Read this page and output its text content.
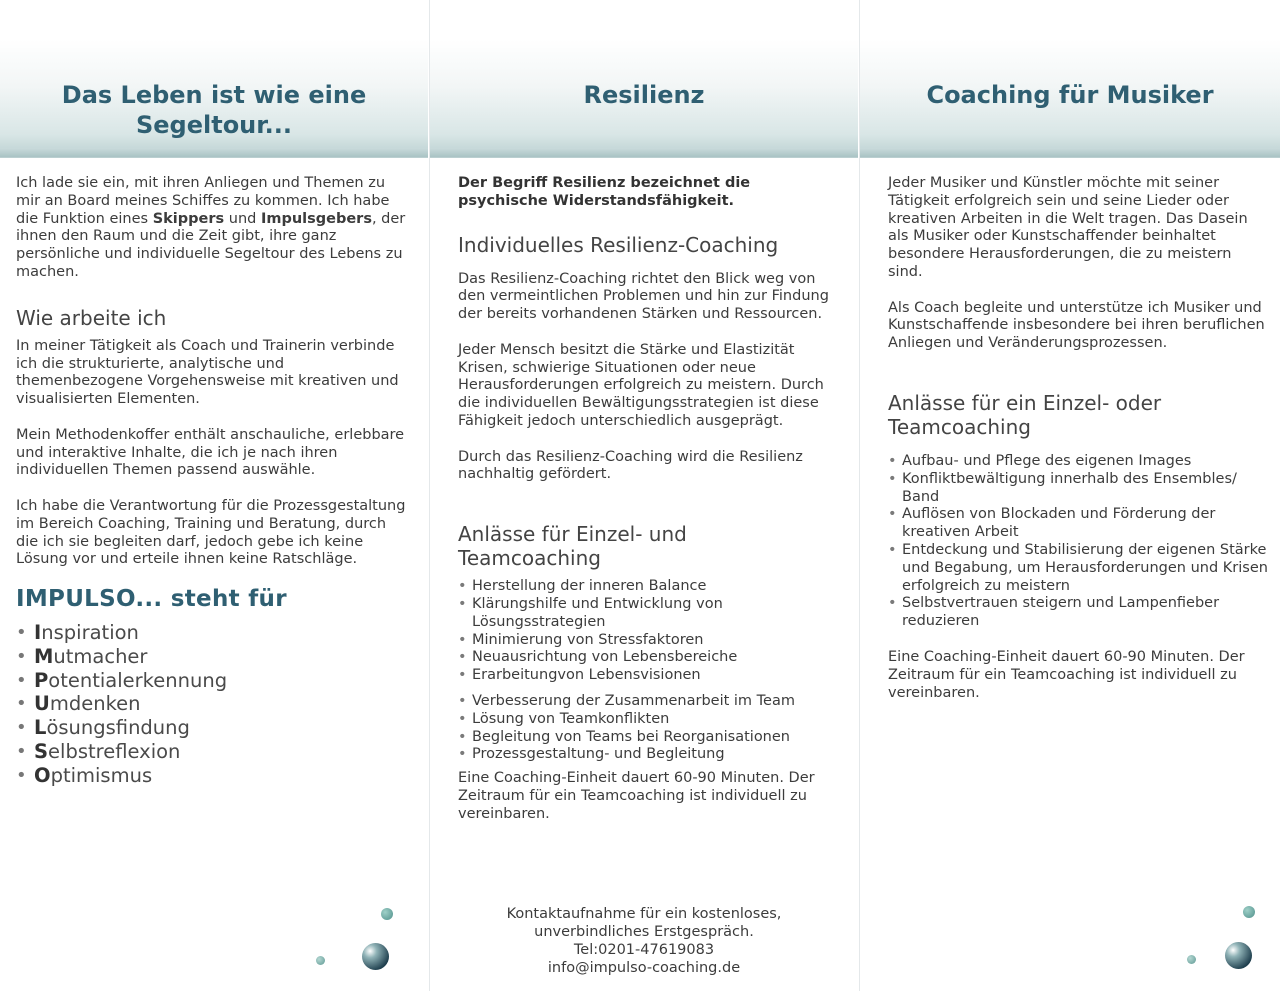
Das Leben ist wie eine
Segeltour...

Ich lade sie ein, mit ihren Anliegen und Themen zu mir an Board meines Schiffes zu kommen. Ich habe die Funktion eines Skippers und Impulsgebers, der ihnen den Raum und die Zeit gibt, ihre ganz persönliche und individuelle Segeltour des Lebens zu machen.

Wie arbeite ich

In meiner Tätigkeit als Coach und Trainerin verbinde ich die strukturierte, analytische und themenbezogene Vorgehensweise mit kreativen und visualisierten Elementen.

Mein Methodenkoffer enthält anschauliche, erlebbare und interaktive Inhalte, die ich je nach ihren individuellen Themen passend auswähle.

Ich habe die Verantwortung für die Prozessgestaltung im Bereich Coaching, Training und Beratung, durch die ich sie begleiten darf, jedoch gebe ich keine Lösung vor und erteile ihnen keine Ratschläge.

IMPULSO... steht für
• Inspiration
• Mutmacher
• Potentialerkennung
• Umdenken
• Lösungsfindung
• Selbstreflexion
• Optimismus
Resilienz

Der Begriff Resilienz bezeichnet die psychische Widerstandsfähigkeit.

Individuelles Resilienz-Coaching

Das Resilienz-Coaching richtet den Blick weg von den vermeintlichen Problemen und hin zur Findung der bereits vorhandenen Stärken und Ressourcen.

Jeder Mensch besitzt die Stärke und Elastizität Krisen, schwierige Situationen oder neue Herausforderungen erfolgreich zu meistern. Durch die individuellen Bewältigungsstrategien ist diese Fähigkeit jedoch unterschiedlich ausgeprägt.

Durch das Resilienz-Coaching wird die Resilienz nachhaltig gefördert.

Anlässe für Einzel- und Teamcoaching
• Herstellung der inneren Balance
• Klärungshilfe und Entwicklung von Lösungsstrategien
• Minimierung von Stressfaktoren
• Neuausrichtung von Lebensbereiche
• Erarbeitungvon Lebensvisionen
• Verbesserung der Zusammenarbeit im Team
• Lösung von Teamkonflikten
• Begleitung von Teams bei Reorganisationen
• Prozessgestaltung- und Begleitung

Eine Coaching-Einheit dauert 60-90 Minuten. Der Zeitraum für ein Teamcoaching ist individuell zu vereinbaren.

Kontaktaufnahme für ein kostenloses,
unverbindliches Erstgespräch.
Tel:0201-47619083
info@impulso-coaching.de
Coaching für Musiker

Jeder Musiker und Künstler möchte mit seiner Tätigkeit erfolgreich sein und seine Lieder oder kreativen Arbeiten in die Welt tragen. Das Dasein als Musiker oder Kunstschaffender beinhaltet besondere Herausforderungen, die zu meistern sind.

Als Coach begleite und unterstütze ich Musiker und Kunstschaffende insbesondere bei ihren beruflichen Anliegen und Veränderungsprozessen.

Anlässe für ein Einzel- oder Teamcoaching
• Aufbau- und Pflege des eigenen Images
• Konfliktbewältigung innerhalb des Ensembles/ Band
• Auflösen von Blockaden und Förderung der kreativen Arbeit
• Entdeckung und Stabilisierung der eigenen Stärke und Begabung, um Herausforderungen und Krisen erfolgreich zu meistern
• Selbstvertrauen steigern und Lampenfieber reduzieren

Eine Coaching-Einheit dauert 60-90 Minuten. Der Zeitraum für ein Teamcoaching ist individuell zu vereinbaren.
